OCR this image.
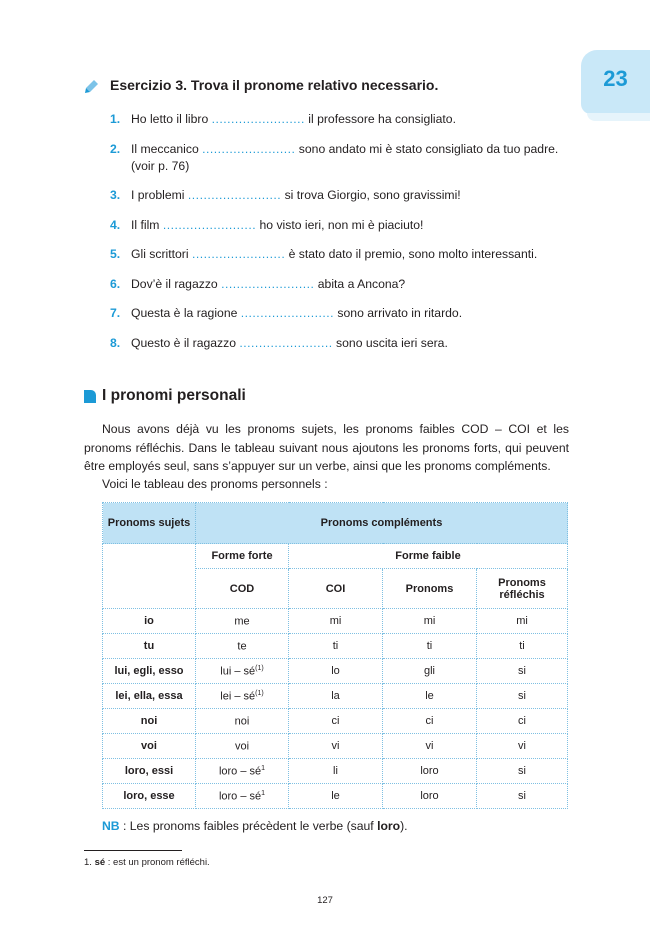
23
Esercizio 3. Trova il pronome relativo necessario.
1. Ho letto il libro ........................ il professore ha consigliato.
2. Il meccanico ........................ sono andato mi è stato consigliato da tuo padre.
(voir p. 76)
3. I problemi ........................ si trova Giorgio, sono gravissimi!
4. Il film ........................ ho visto ieri, non mi è piaciuto!
5. Gli scrittori ........................ è stato dato il premio, sono molto interessanti.
6. Dov’è il ragazzo ........................ abita a Ancona?
7. Questa è la ragione ........................ sono arrivato in ritardo.
8. Questo è il ragazzo ........................ sono uscita ieri sera.
I pronomi personali

Nous avons déjà vu les pronoms sujets, les pronoms faibles COD – COI et les pronoms réfléchis. Dans le tableau suivant nous ajoutons les pronoms forts, qui peuvent être employés seul, sans s’appuyer sur un verbe, ainsi que les pronoms compléments.

Voici le tableau des pronoms personnels :

Pronoms sujets	Pronoms compléments			
	Forme forte	Forme faible		
	COD	COI	Pronoms	Pronoms réfléchis
io	me	mi	mi	mi
tu	te	ti	ti	ti
lui, egli, esso	lui – $sé^{(1)}$	lo	gli	si
lei, ella, essa	lei – $sé^{(1)}$	la	le	si
noi	noi	ci	ci	ci
voi	voi	vi	vi	vi
loro, essi	loro – $sé^1$	li	loro	si
loro, esse	loro – $sé^1$	le	loro	si
NB : Les pronoms faibles précèdent le verbe (sauf loro).
1. sé : est un pronom réfléchi.
127
